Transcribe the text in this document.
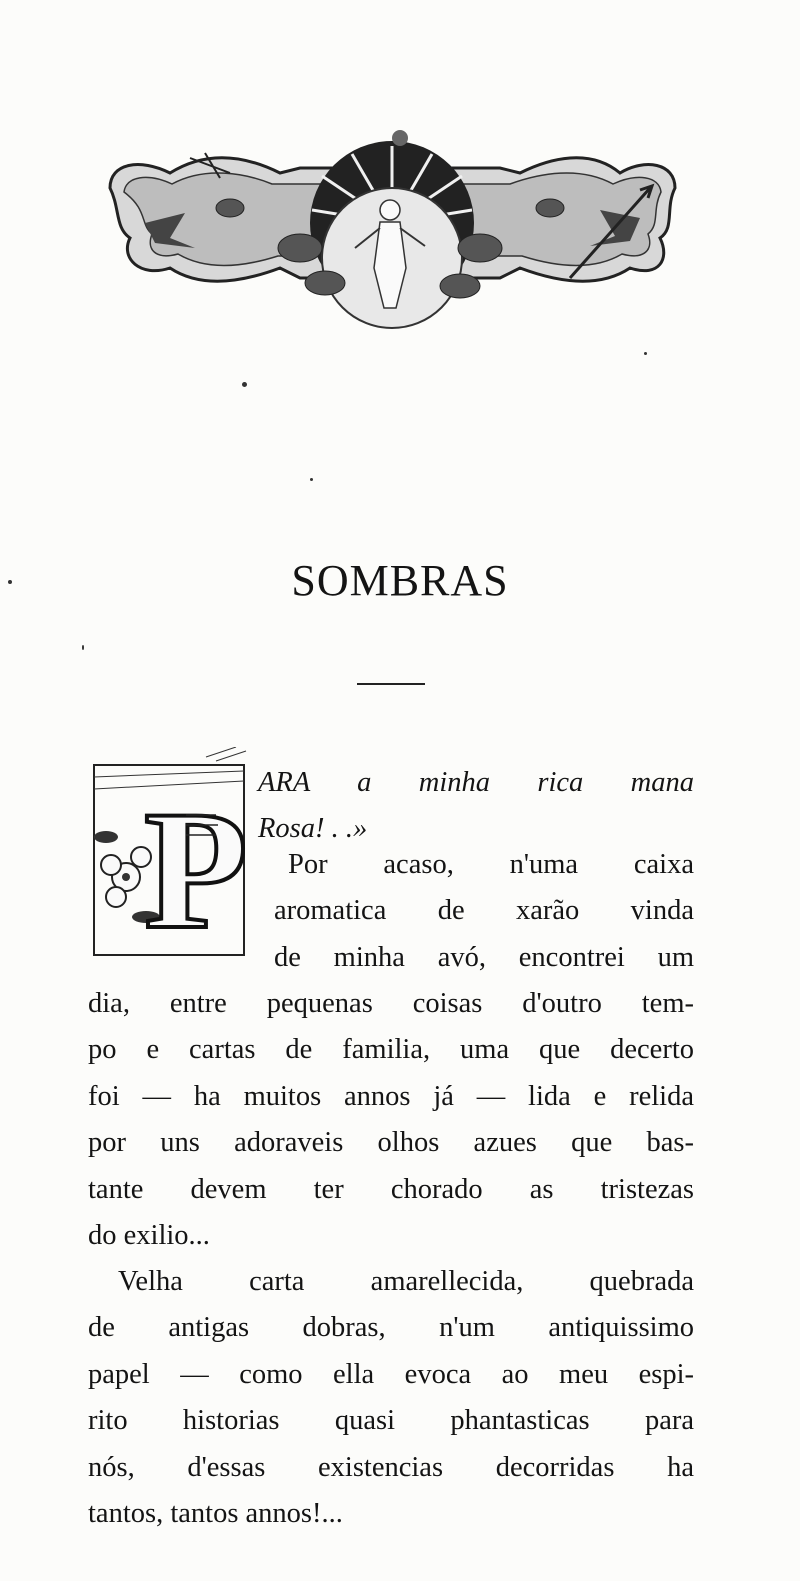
SOMBRAS
P ARA a minha rica mana
Rosa! . .»
Por acaso, n'uma caixa
aromatica de xarão vinda
de minha avó, encontrei um
dia, entre pequenas coisas d'outro tem-
po e cartas de familia, uma que decerto
foi — ha muitos annos já — lida e relida
por uns adoraveis olhos azues que bas-
tante devem ter chorado as tristezas
do exilio...
Velha carta amarellecida, quebrada
de antigas dobras, n'um antiquissimo
papel — como ella evoca ao meu espi-
rito historias quasi phantasticas para
nós, d'essas existencias decorridas ha
tantos, tantos annos!...
